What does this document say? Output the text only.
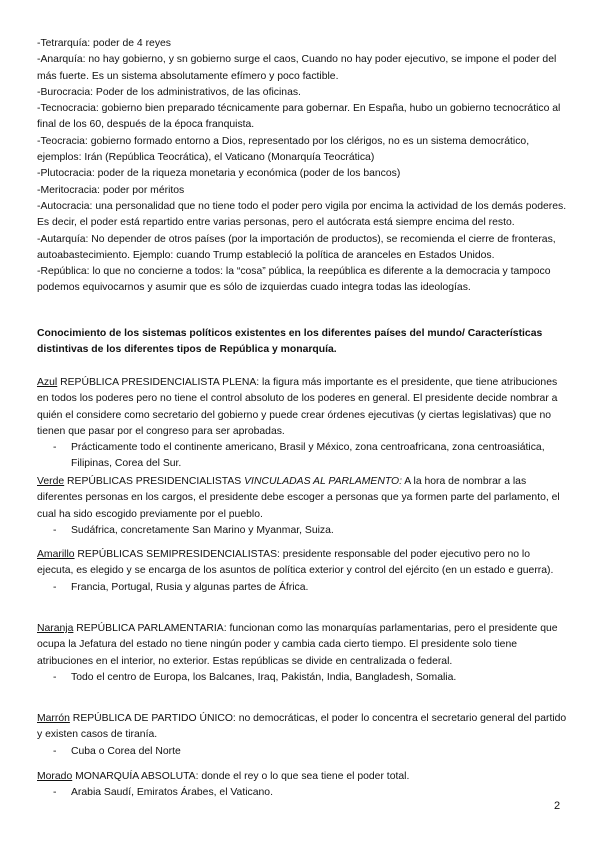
-Tetrarquía: poder de 4 reyes

-Anarquía: no hay gobierno, y sn gobierno surge el caos, Cuando no hay poder ejecutivo, se impone el poder del más fuerte. Es un sistema absolutamente efímero y poco factible.

-Burocracia: Poder de los administrativos, de las oficinas.

-Tecnocracia: gobierno bien preparado técnicamente para gobernar. En España, hubo un gobierno tecnocrático al final de los 60, después de la época franquista.

-Teocracia: gobierno formado entorno a Dios, representado por los clérigos, no es un sistema democrático, ejemplos: Irán (República Teocrática), el Vaticano (Monarquía Teocrática)

-Plutocracia: poder de la riqueza monetaria y económica (poder de los bancos)

-Meritocracia: poder por méritos

-Autocracia: una personalidad que no tiene todo el poder pero vigila por encima la actividad de los demás poderes. Es decir, el poder está repartido entre varias personas, pero el autócrata está siempre encima del resto.

-Autarquía: No depender de otros países (por la importación de productos), se recomienda el cierre de fronteras, autoabastecimiento. Ejemplo: cuando Trump estableció la política de aranceles en Estados Unidos.

-República: lo que no concierne a todos: la “cosa” pública, la reepública es diferente a la democracia y tampoco podemos equivocarnos y asumir que es sólo de izquierdas cuado integra todas las ideologías.

Conocimiento de los sistemas políticos existentes en los diferentes países del mundo/ Características distintivas de los diferentes tipos de República y monarquía.

Azul REPÚBLICA PRESIDENCIALISTA PLENA: la figura más importante es el presidente, que tiene atribuciones en todos los poderes pero no tiene el control absoluto de los poderes en general. El presidente decide nombrar a quién el considere como secretario del gobierno y puede crear órdenes ejecutivas (y ciertas legislativas) que no tienen que pasar por el congreso para ser aprobadas.

- Prácticamente todo el continente americano, Brasil y México, zona centroafricana, zona centroasiática, Filipinas, Corea del Sur.

Verde REPÚBLICAS PRESIDENCIALISTAS VINCULADAS AL PARLAMENTO: A la hora de nombrar a las diferentes personas en los cargos, el presidente debe escoger a personas que ya formen parte del parlamento, el cual ha sido escogido previamente por el pueblo.

- Sudáfrica, concretamente San Marino y Myanmar, Suiza.

Amarillo REPÚBLICAS SEMIPRESIDENCIALISTAS: presidente responsable del poder ejecutivo pero no lo ejecuta, es elegido y se encarga de los asuntos de política exterior y control del ejército (en un estado e guerra).

- Francia, Portugal, Rusia y algunas partes de África.

Naranja REPÚBLICA PARLAMENTARIA: funcionan como las monarquías parlamentarias, pero el presidente que ocupa la Jefatura del estado no tiene ningún poder y cambia cada cierto tiempo. El presidente solo tiene atribuciones en el interior, no exterior. Estas repúblicas se divide en centralizada o federal.

- Todo el centro de Europa, los Balcanes, Iraq, Pakistán, India, Bangladesh, Somalia.

Marrón REPÚBLICA DE PARTIDO ÚNICO: no democráticas, el poder lo concentra el secretario general del partido y existen casos de tiranía.

- Cuba o Corea del Norte

Morado MONARQUÍA ABSOLUTA: donde el rey o lo que sea tiene el poder total.

- Arabia Saudí, Emiratos Árabes, el Vaticano.
2
